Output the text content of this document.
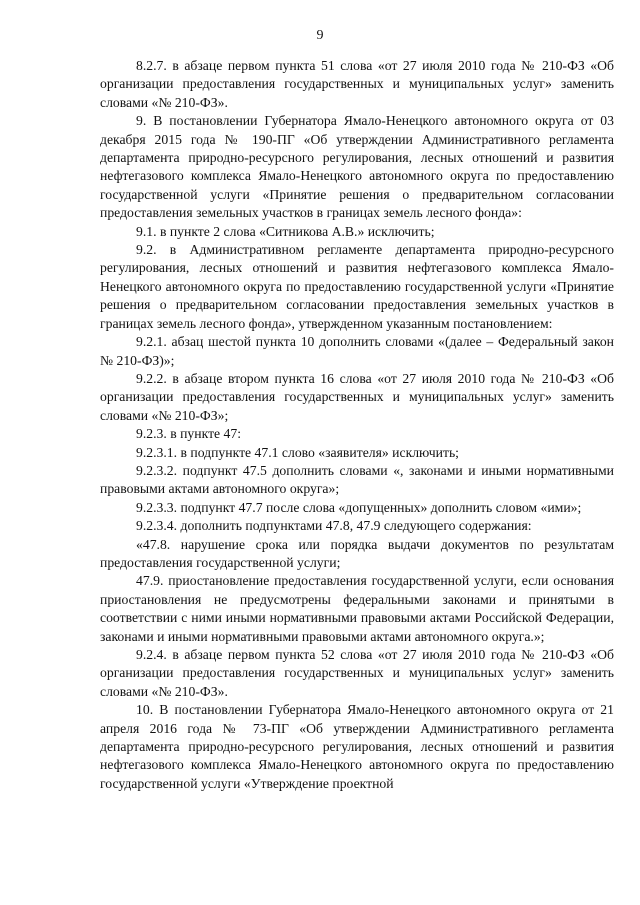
9

8.2.7. в абзаце первом пункта 51 слова «от 27 июля 2010 года № 210-ФЗ «Об организации предоставления государственных и муниципальных услуг» заменить словами «№ 210-ФЗ».

9. В постановлении Губернатора Ямало-Ненецкого автономного округа от 03 декабря 2015 года № 190-ПГ «Об утверждении Административного регламента департамента природно-ресурсного регулирования, лесных отношений и развития нефтегазового комплекса Ямало-Ненецкого автономного округа по предоставлению государственной услуги «Принятие решения о предварительном согласовании предоставления земельных участков в границах земель лесного фонда»:

9.1. в пункте 2 слова «Ситникова А.В.» исключить;

9.2. в Административном регламенте департамента природно-ресурсного регулирования, лесных отношений и развития нефтегазового комплекса Ямало-Ненецкого автономного округа по предоставлению государственной услуги «Принятие решения о предварительном согласовании предоставления земельных участков в границах земель лесного фонда», утвержденном указанным постановлением:

9.2.1. абзац шестой пункта 10 дополнить словами «(далее – Федеральный закон № 210-ФЗ)»;

9.2.2. в абзаце втором пункта 16 слова «от 27 июля 2010 года № 210-ФЗ «Об организации предоставления государственных и муниципальных услуг» заменить словами «№ 210-ФЗ»;

9.2.3. в пункте 47:

9.2.3.1. в подпункте 47.1 слово «заявителя» исключить;

9.2.3.2. подпункт 47.5 дополнить словами «, законами и иными нормативными правовыми актами автономного округа»;

9.2.3.3. подпункт 47.7 после слова «допущенных» дополнить словом «ими»;

9.2.3.4. дополнить подпунктами 47.8, 47.9 следующего содержания:

«47.8. нарушение срока или порядка выдачи документов по результатам предоставления государственной услуги;

47.9. приостановление предоставления государственной услуги, если основания приостановления не предусмотрены федеральными законами и принятыми в соответствии с ними иными нормативными правовыми актами Российской Федерации, законами и иными нормативными правовыми актами автономного округа.»;

9.2.4. в абзаце первом пункта 52 слова «от 27 июля 2010 года № 210-ФЗ «Об организации предоставления государственных и муниципальных услуг» заменить словами «№ 210-ФЗ».

10. В постановлении Губернатора Ямало-Ненецкого автономного округа от 21 апреля 2016 года № 73-ПГ «Об утверждении Административного регламента департамента природно-ресурсного регулирования, лесных отношений и развития нефтегазового комплекса Ямало-Ненецкого автономного округа по предоставлению государственной услуги «Утверждение проектной
